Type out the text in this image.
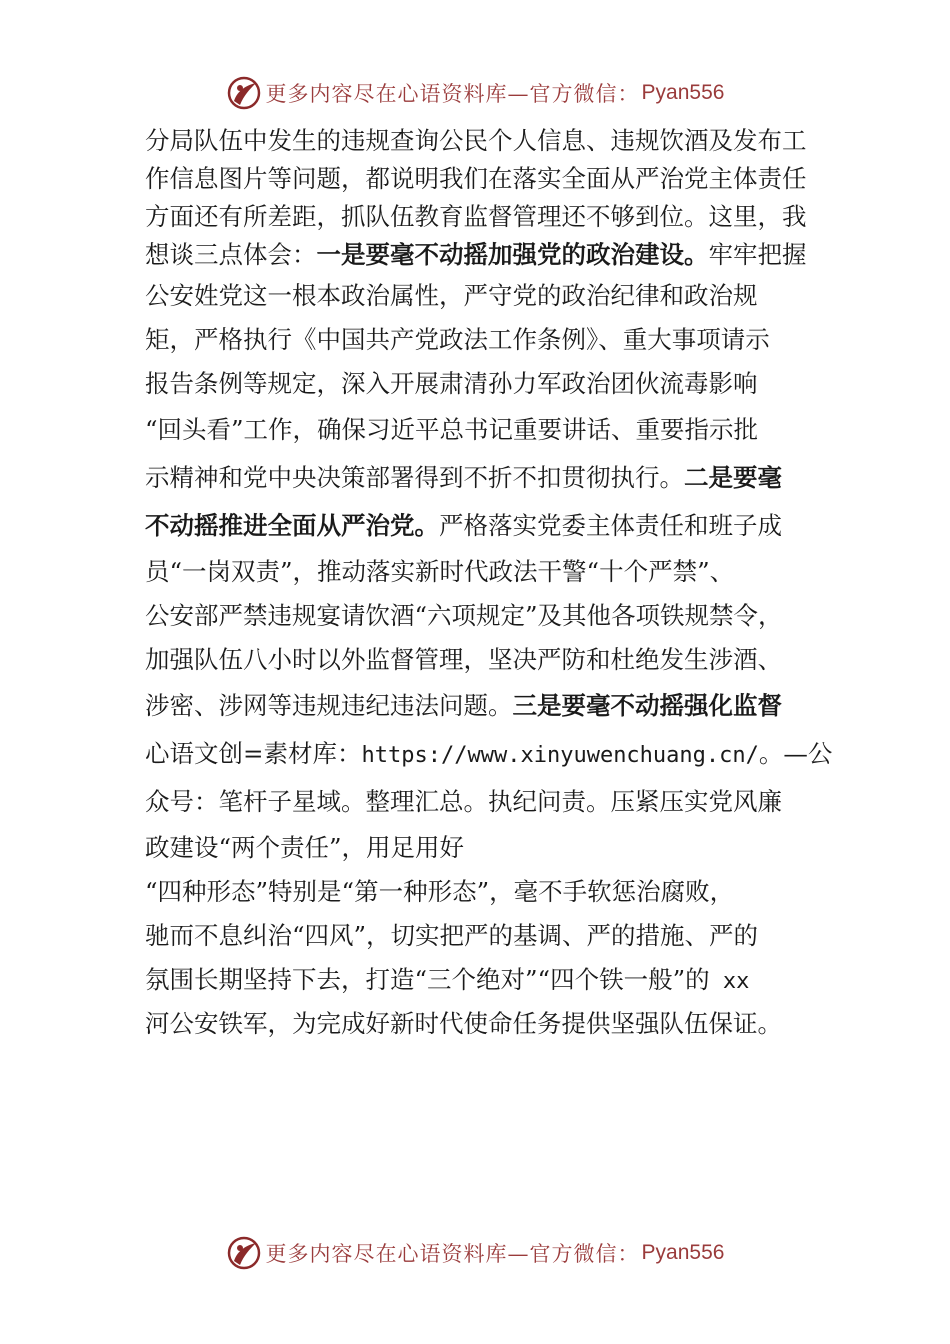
更多内容尽在心语资料库—官方微信： Pyan556
分局队伍中发生的违规查询公民个人信息、违规饮酒及发布工
作信息图片等问题，都说明我们在落实全面从严治党主体责任
方面还有所差距，抓队伍教育监督管理还不够到位。这里，我
想谈三点体会：一是要毫不动摇加强党的政治建设。牢牢把握
公安姓党这一根本政治属性，严守党的政治纪律和政治规
矩，严格执行《中国共产党政法工作条例》、重大事项请示
报告条例等规定，深入开展肃清孙力军政治团伙流毒影响
“回头看”工作，确保习近平总书记重要讲话、重要指示批
示精神和党中央决策部署得到不折不扣贯彻执行。二是要毫
不动摇推进全面从严治党。严格落实党委主体责任和班子成
员“一岗双责”，推动落实新时代政法干警“十个严禁”、
公安部严禁违规宴请饮酒“六项规定”及其他各项铁规禁令，
加强队伍八小时以外监督管理，坚决严防和杜绝发生涉酒、
涉密、涉网等违规违纪违法问题。三是要毫不动摇强化监督
心语文创=素材库：https://www.xinyuwenchuang.cn/。—公
众号：笔杆子星域。整理汇总。执纪问责。压紧压实党风廉
政建设“两个责任”，用足用好
“四种形态”特别是“第一种形态”，毫不手软惩治腐败，
驰而不息纠治“四风”，切实把严的基调、严的措施、严的
氛围长期坚持下去，打造“三个绝对”“四个铁一般”的 xx
河公安铁军，为完成好新时代使命任务提供坚强队伍保证。
更多内容尽在心语资料库—官方微信： Pyan556
